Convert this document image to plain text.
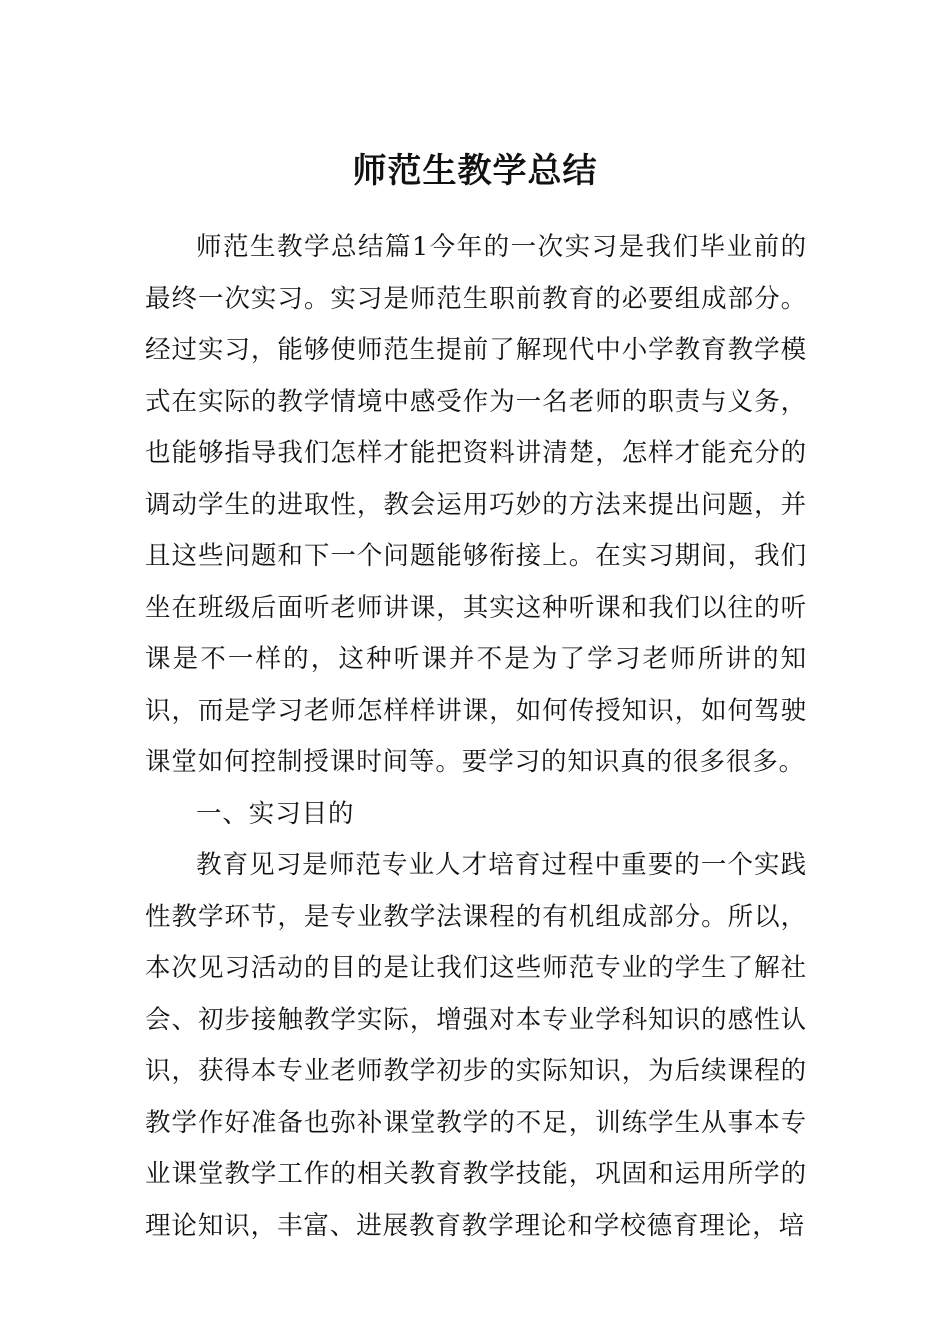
师范生教学总结

师范生教学总结篇1今年的一次实习是我们毕业前的最终一次实习。实习是师范生职前教育的必要组成部分。经过实习，能够使师范生提前了解现代中小学教育教学模式在实际的教学情境中感受作为一名老师的职责与义务，也能够指导我们怎样才能把资料讲清楚，怎样才能充分的调动学生的进取性，教会运用巧妙的方法来提出问题，并且这些问题和下一个问题能够衔接上。在实习期间，我们坐在班级后面听老师讲课，其实这种听课和我们以往的听课是不一样的，这种听课并不是为了学习老师所讲的知识，而是学习老师怎样样讲课，如何传授知识，如何驾驶课堂如何控制授课时间等。要学习的知识真的很多很多。

一、实习目的

教育见习是师范专业人才培育过程中重要的一个实践性教学环节，是专业教学法课程的有机组成部分。所以，本次见习活动的目的是让我们这些师范专业的学生了解社会、初步接触教学实际，增强对本专业学科知识的感性认识，获得本专业老师教学初步的实际知识，为后续课程的教学作好准备也弥补课堂教学的不足，训练学生从事本专业课堂教学工作的相关教育教学技能，巩固和运用所学的理论知识，丰富、进展教育教学理论和学校德育理论，培
